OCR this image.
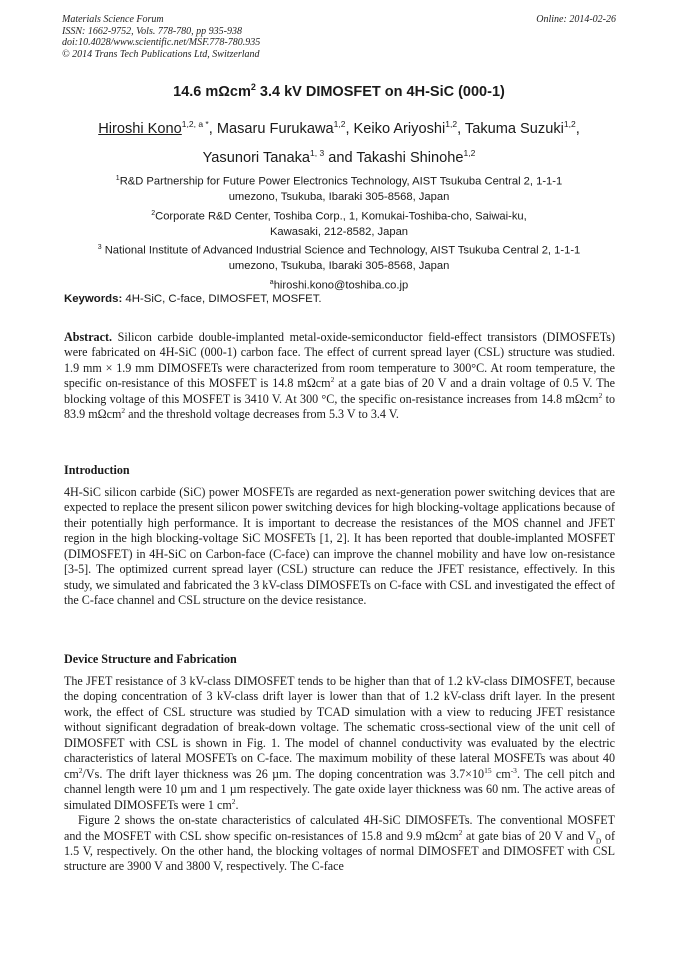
Materials Science Forum	Online: 2014-02-26
ISSN: 1662-9752, Vols. 778-780, pp 935-938
doi:10.4028/www.scientific.net/MSF.778-780.935
© 2014 Trans Tech Publications Ltd, Switzerland
14.6 mΩcm$^2$ 3.4 kV DIMOSFET on 4H-SiC (000-1)
Hiroshi Kono$^{1,2, a *}$, Masaru Furukawa$^{1,2}$, Keiko Ariyoshi$^{1,2}$, Takuma Suzuki$^{1,2}$,
Yasunori Tanaka$^{1, 3}$ and Takashi Shinohe$^{1,2}$
$^1$R&D Partnership for Future Power Electronics Technology, AIST Tsukuba Central 2, 1-1-1
umezono, Tsukuba, Ibaraki 305-8568, Japan
$^2$Corporate R&D Center, Toshiba Corp., 1, Komukai-Toshiba-cho, Saiwai-ku,
Kawasaki, 212-8582, Japan
$^3$ National Institute of Advanced Industrial Science and Technology, AIST Tsukuba Central 2, 1-1-1
umezono, Tsukuba, Ibaraki 305-8568, Japan
$^a$hiroshi.kono@toshiba.co.jp
Keywords: 4H-SiC, C-face, DIMOSFET, MOSFET.

Abstract. Silicon carbide double-implanted metal-oxide-semiconductor field-effect transistors (DIMOSFETs) were fabricated on 4H-SiC (000-1) carbon face. The effect of current spread layer (CSL) structure was studied. 1.9 mm × 1.9 mm DIMOSFETs were characterized from room temperature to 300°C. At room temperature, the specific on-resistance of this MOSFET is 14.8 mΩcm$^2$ at a gate bias of 20 V and a drain voltage of 0.5 V. The blocking voltage of this MOSFET is 3410 V. At 300 °C, the specific on-resistance increases from 14.8 mΩcm$^2$ to 83.9 mΩcm$^2$ and the threshold voltage decreases from 5.3 V to 3.4 V.

Introduction

4H-SiC silicon carbide (SiC) power MOSFETs are regarded as next-generation power switching devices that are expected to replace the present silicon power switching devices for high blocking-voltage applications because of their potentially high performance. It is important to decrease the resistances of the MOS channel and JFET region in the high blocking-voltage SiC MOSFETs [1, 2]. It has been reported that double-implanted MOSFET (DIMOSFET) in 4H-SiC on Carbon-face (C-face) can improve the channel mobility and have low on-resistance [3-5]. The optimized current spread layer (CSL) structure can reduce the JFET resistance, effectively. In this study, we simulated and fabricated the 3 kV-class DIMOSFETs on C-face with CSL and investigated the effect of the C-face channel and CSL structure on the device resistance.

Device Structure and Fabrication

The JFET resistance of 3 kV-class DIMOSFET tends to be higher than that of 1.2 kV-class DIMOSFET, because the doping concentration of 3 kV-class drift layer is lower than that of 1.2 kV-class drift layer. In the present work, the effect of CSL structure was studied by TCAD simulation with a view to reducing JFET resistance without significant degradation of break-down voltage. The schematic cross-sectional view of the unit cell of DIMOSFET with CSL is shown in Fig. 1. The model of channel conductivity was evaluated by the electric characteristics of lateral MOSFETs on C-face. The maximum mobility of these lateral MOSFETs was about 40 $cm^2/Vs$. The drift layer thickness was 26 µm. The doping concentration was $3.7\times 10^{15}$ $cm^{-3}$. The cell pitch and channel length were 10 µm and 1 µm respectively. The gate oxide layer thickness was 60 nm. The active areas of simulated DIMOSFETs were 1 $cm^2$.

Figure 2 shows the on-state characteristics of calculated 4H-SiC DIMOSFETs. The conventional MOSFET and the MOSFET with CSL show specific on-resistances of 15.8 and 9.9 mΩcm$^2$ at gate bias of 20 V and $V_D$ of 1.5 V, respectively. On the other hand, the blocking voltages of normal DIMOSFET and DIMOSFET with CSL structure are 3900 V and 3800 V, respectively. The C-face
